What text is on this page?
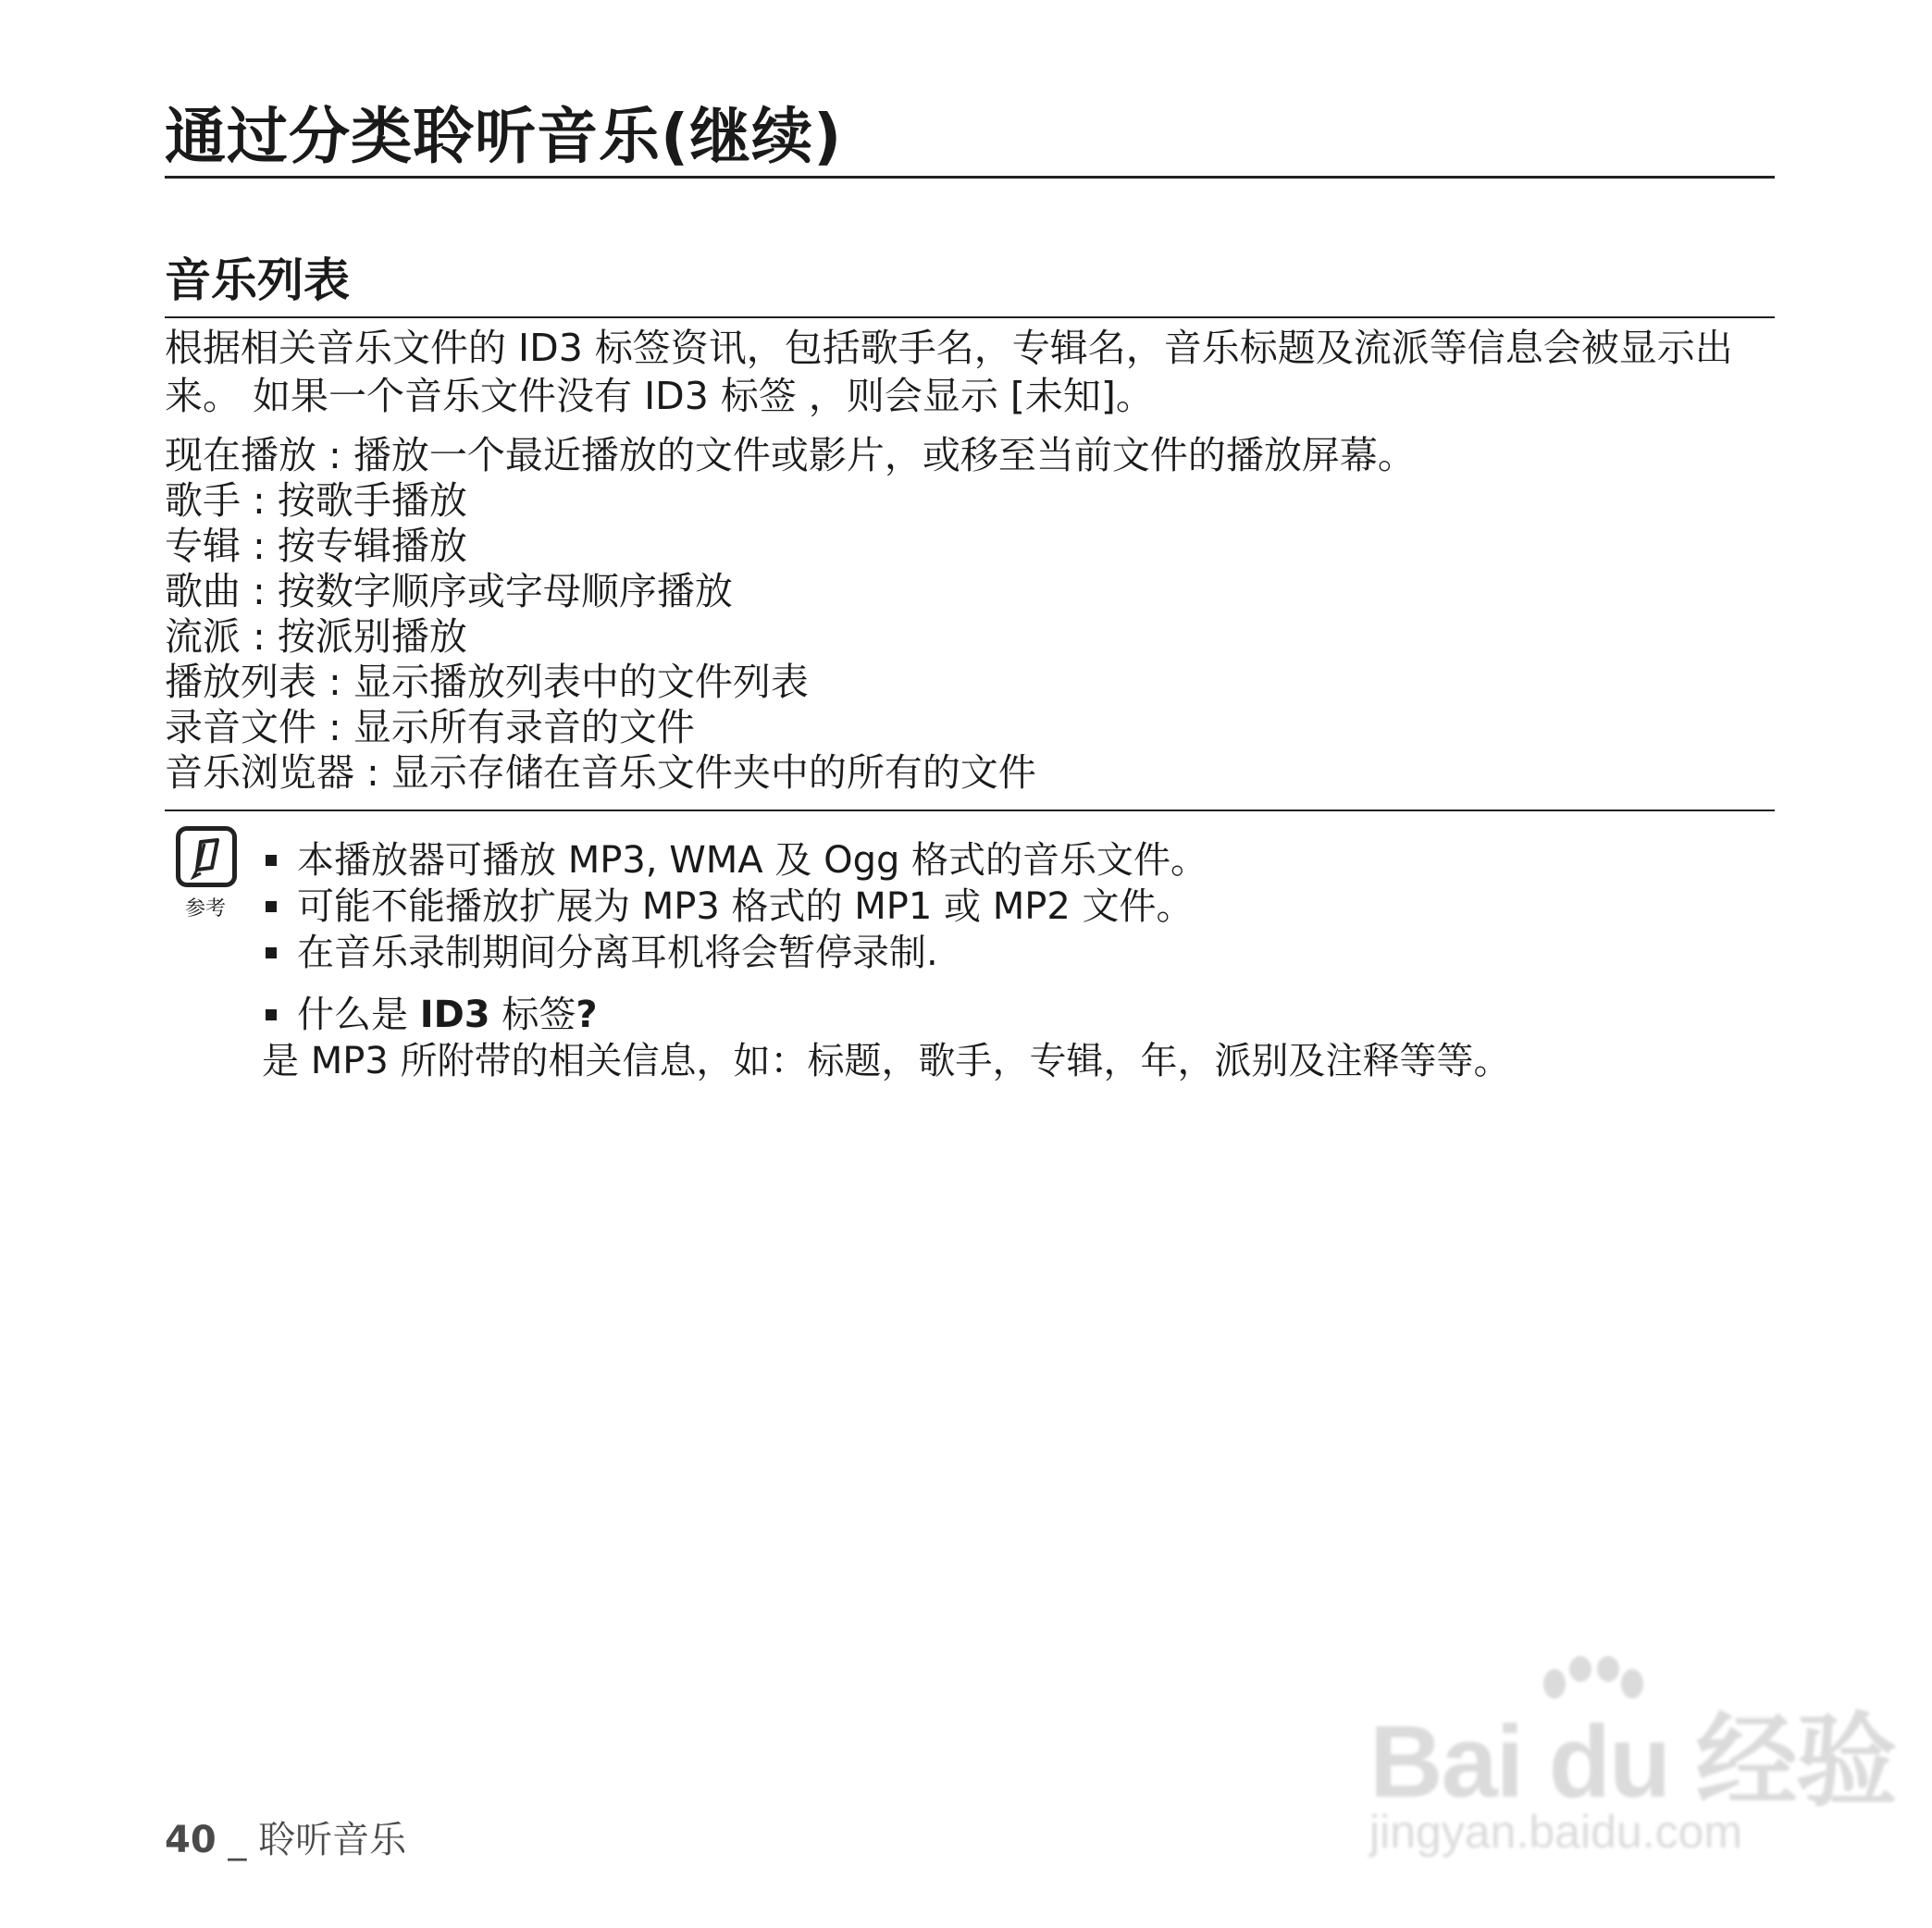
通过分类聆听音乐(继续)
音乐列表

根据相关音乐文件的 ID3 标签资讯，包括歌手名，专辑名，音乐标题及流派等信息会被显示出来。 如果一个音乐文件没有 ID3 标签 ，则会显示 [未知]。

现在播放 : 播放一个最近播放的文件或影片，或移至当前文件的播放屏幕。
歌手 : 按歌手播放
专辑 : 按专辑播放
歌曲 : 按数字顺序或字母顺序播放
流派 : 按派别播放
播放列表 : 显示播放列表中的文件列表
录音文件 : 显示所有录音的文件
音乐浏览器 : 显示存储在音乐文件夹中的所有的文件
参考
本播放器可播放 MP3, WMA 及 Ogg 格式的音乐文件。
可能不能播放扩展为 MP3 格式的 MP1 或 MP2 文件。
在音乐录制期间分离耳机将会暂停录制.
什么是 ID3 标签?
是 MP3 所附带的相关信息，如：标题，歌手，专辑，年，派别及注释等等。
40 _ 聆听音乐
Bai du 经验
jingyan.baidu.com
